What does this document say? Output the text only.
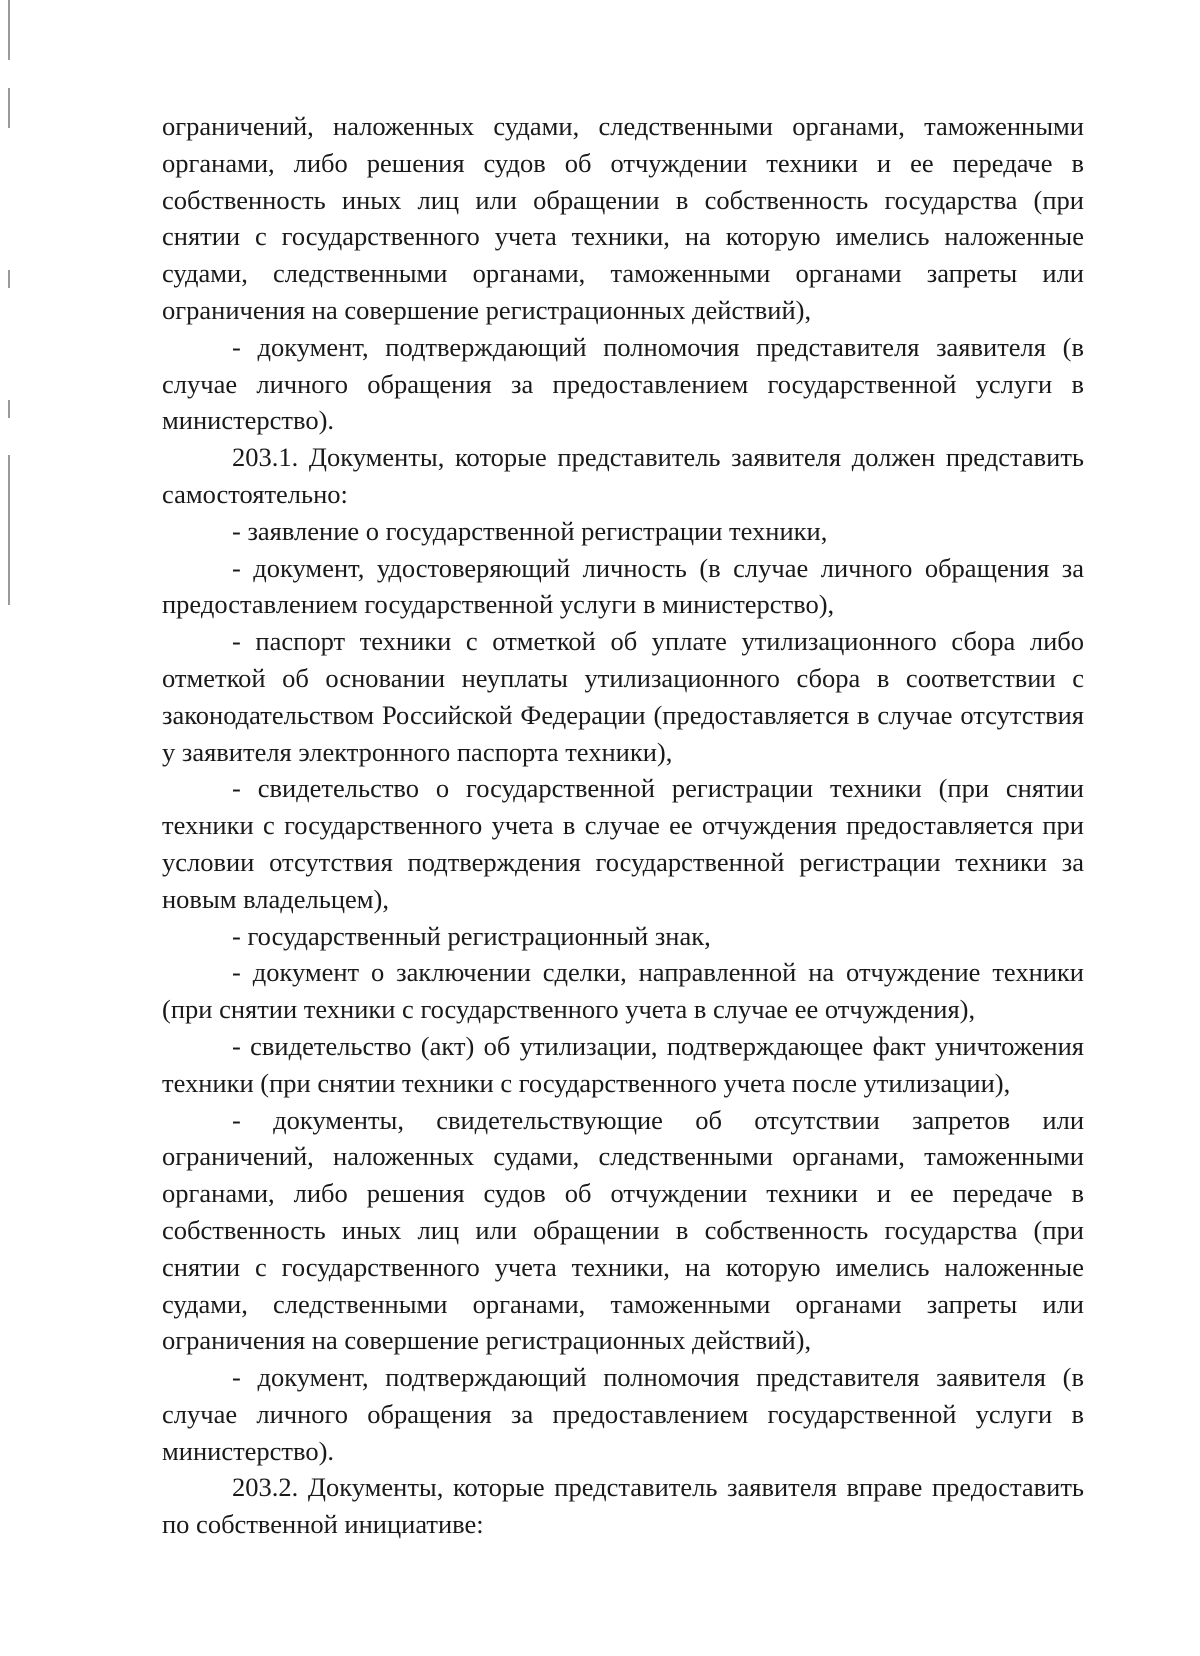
ограничений, наложенных судами, следственными органами, таможенными органами, либо решения судов об отчуждении техники и ее передаче в собственность иных лиц или обращении в собственность государства (при снятии с государственного учета техники, на которую имелись наложенные судами, следственными органами, таможенными органами запреты или ограничения на совершение регистрационных действий),

- документ, подтверждающий полномочия представителя заявителя (в случае личного обращения за предоставлением государственной услуги в министерство).

203.1. Документы, которые представитель заявителя должен представить самостоятельно:

- заявление о государственной регистрации техники,

- документ, удостоверяющий личность (в случае личного обращения за предоставлением государственной услуги в министерство),

- паспорт техники с отметкой об уплате утилизационного сбора либо отметкой об основании неуплаты утилизационного сбора в соответствии с законодательством Российской Федерации (предоставляется в случае отсутствия у заявителя электронного паспорта техники),

- свидетельство о государственной регистрации техники (при снятии техники с государственного учета в случае ее отчуждения предоставляется при условии отсутствия подтверждения государственной регистрации техники за новым владельцем),

- государственный регистрационный знак,

- документ о заключении сделки, направленной на отчуждение техники (при снятии техники с государственного учета в случае ее отчуждения),

- свидетельство (акт) об утилизации, подтверждающее факт уничтожения техники (при снятии техники с государственного учета после утилизации),

- документы, свидетельствующие об отсутствии запретов или ограничений, наложенных судами, следственными органами, таможенными органами, либо решения судов об отчуждении техники и ее передаче в собственность иных лиц или обращении в собственность государства (при снятии с государственного учета техники, на которую имелись наложенные судами, следственными органами, таможенными органами запреты или ограничения на совершение регистрационных действий),

- документ, подтверждающий полномочия представителя заявителя (в случае личного обращения за предоставлением государственной услуги в министерство).

203.2. Документы, которые представитель заявителя вправе предоставить по собственной инициативе:
